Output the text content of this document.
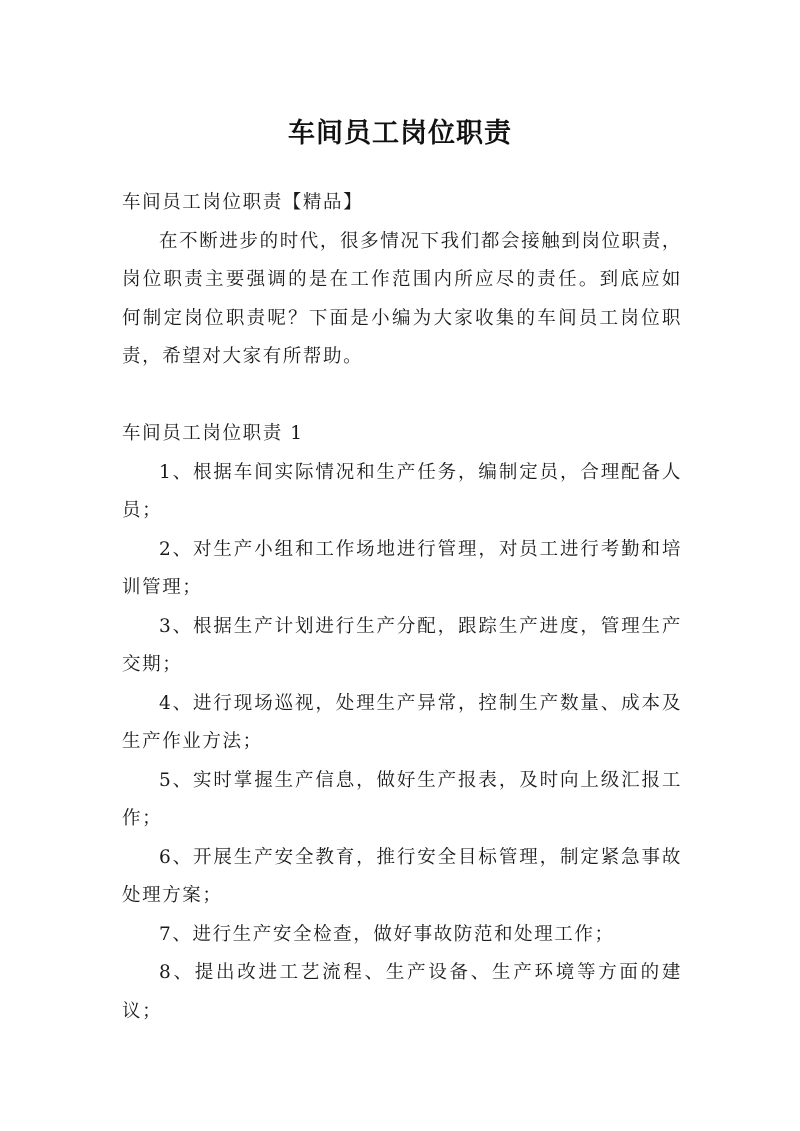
车间员工岗位职责
车间员工岗位职责【精品】

在不断进步的时代，很多情况下我们都会接触到岗位职责，岗位职责主要强调的是在工作范围内所应尽的责任。到底应如何制定岗位职责呢？下面是小编为大家收集的车间员工岗位职责，希望对大家有所帮助。

车间员工岗位职责 1
1、根据车间实际情况和生产任务，编制定员，合理配备人员；
2、对生产小组和工作场地进行管理，对员工进行考勤和培训管理；
3、根据生产计划进行生产分配，跟踪生产进度，管理生产交期；
4、进行现场巡视，处理生产异常，控制生产数量、成本及生产作业方法；
5、实时掌握生产信息，做好生产报表，及时向上级汇报工作；
6、开展生产安全教育，推行安全目标管理，制定紧急事故处理方案；
7、进行生产安全检查，做好事故防范和处理工作；
8、提出改进工艺流程、生产设备、生产环境等方面的建议；
